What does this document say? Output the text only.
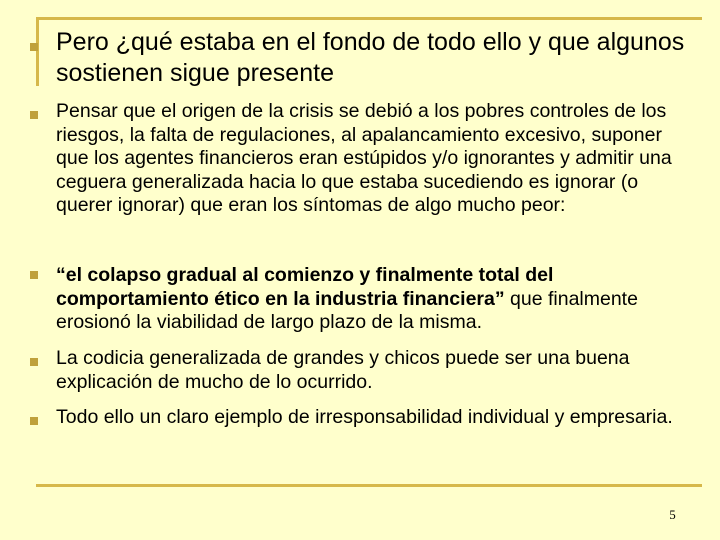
Pero ¿qué estaba en el fondo de todo ello y que algunos sostienen sigue presente
Pensar que el origen de la crisis se debió a los pobres controles de los riesgos, la falta de regulaciones, al apalancamiento excesivo, suponer que los agentes financieros eran estúpidos y/o ignorantes y admitir una ceguera generalizada hacia lo que estaba sucediendo es ignorar (o querer ignorar) que eran los síntomas de algo mucho peor:
“el colapso gradual al comienzo y finalmente total del comportamiento ético en la industria financiera” que finalmente erosionó la viabilidad de largo plazo de la misma.
La codicia generalizada de grandes y chicos puede ser una buena explicación de mucho de lo ocurrido.
Todo ello un claro ejemplo de irresponsabilidad individual y empresaria.
5
